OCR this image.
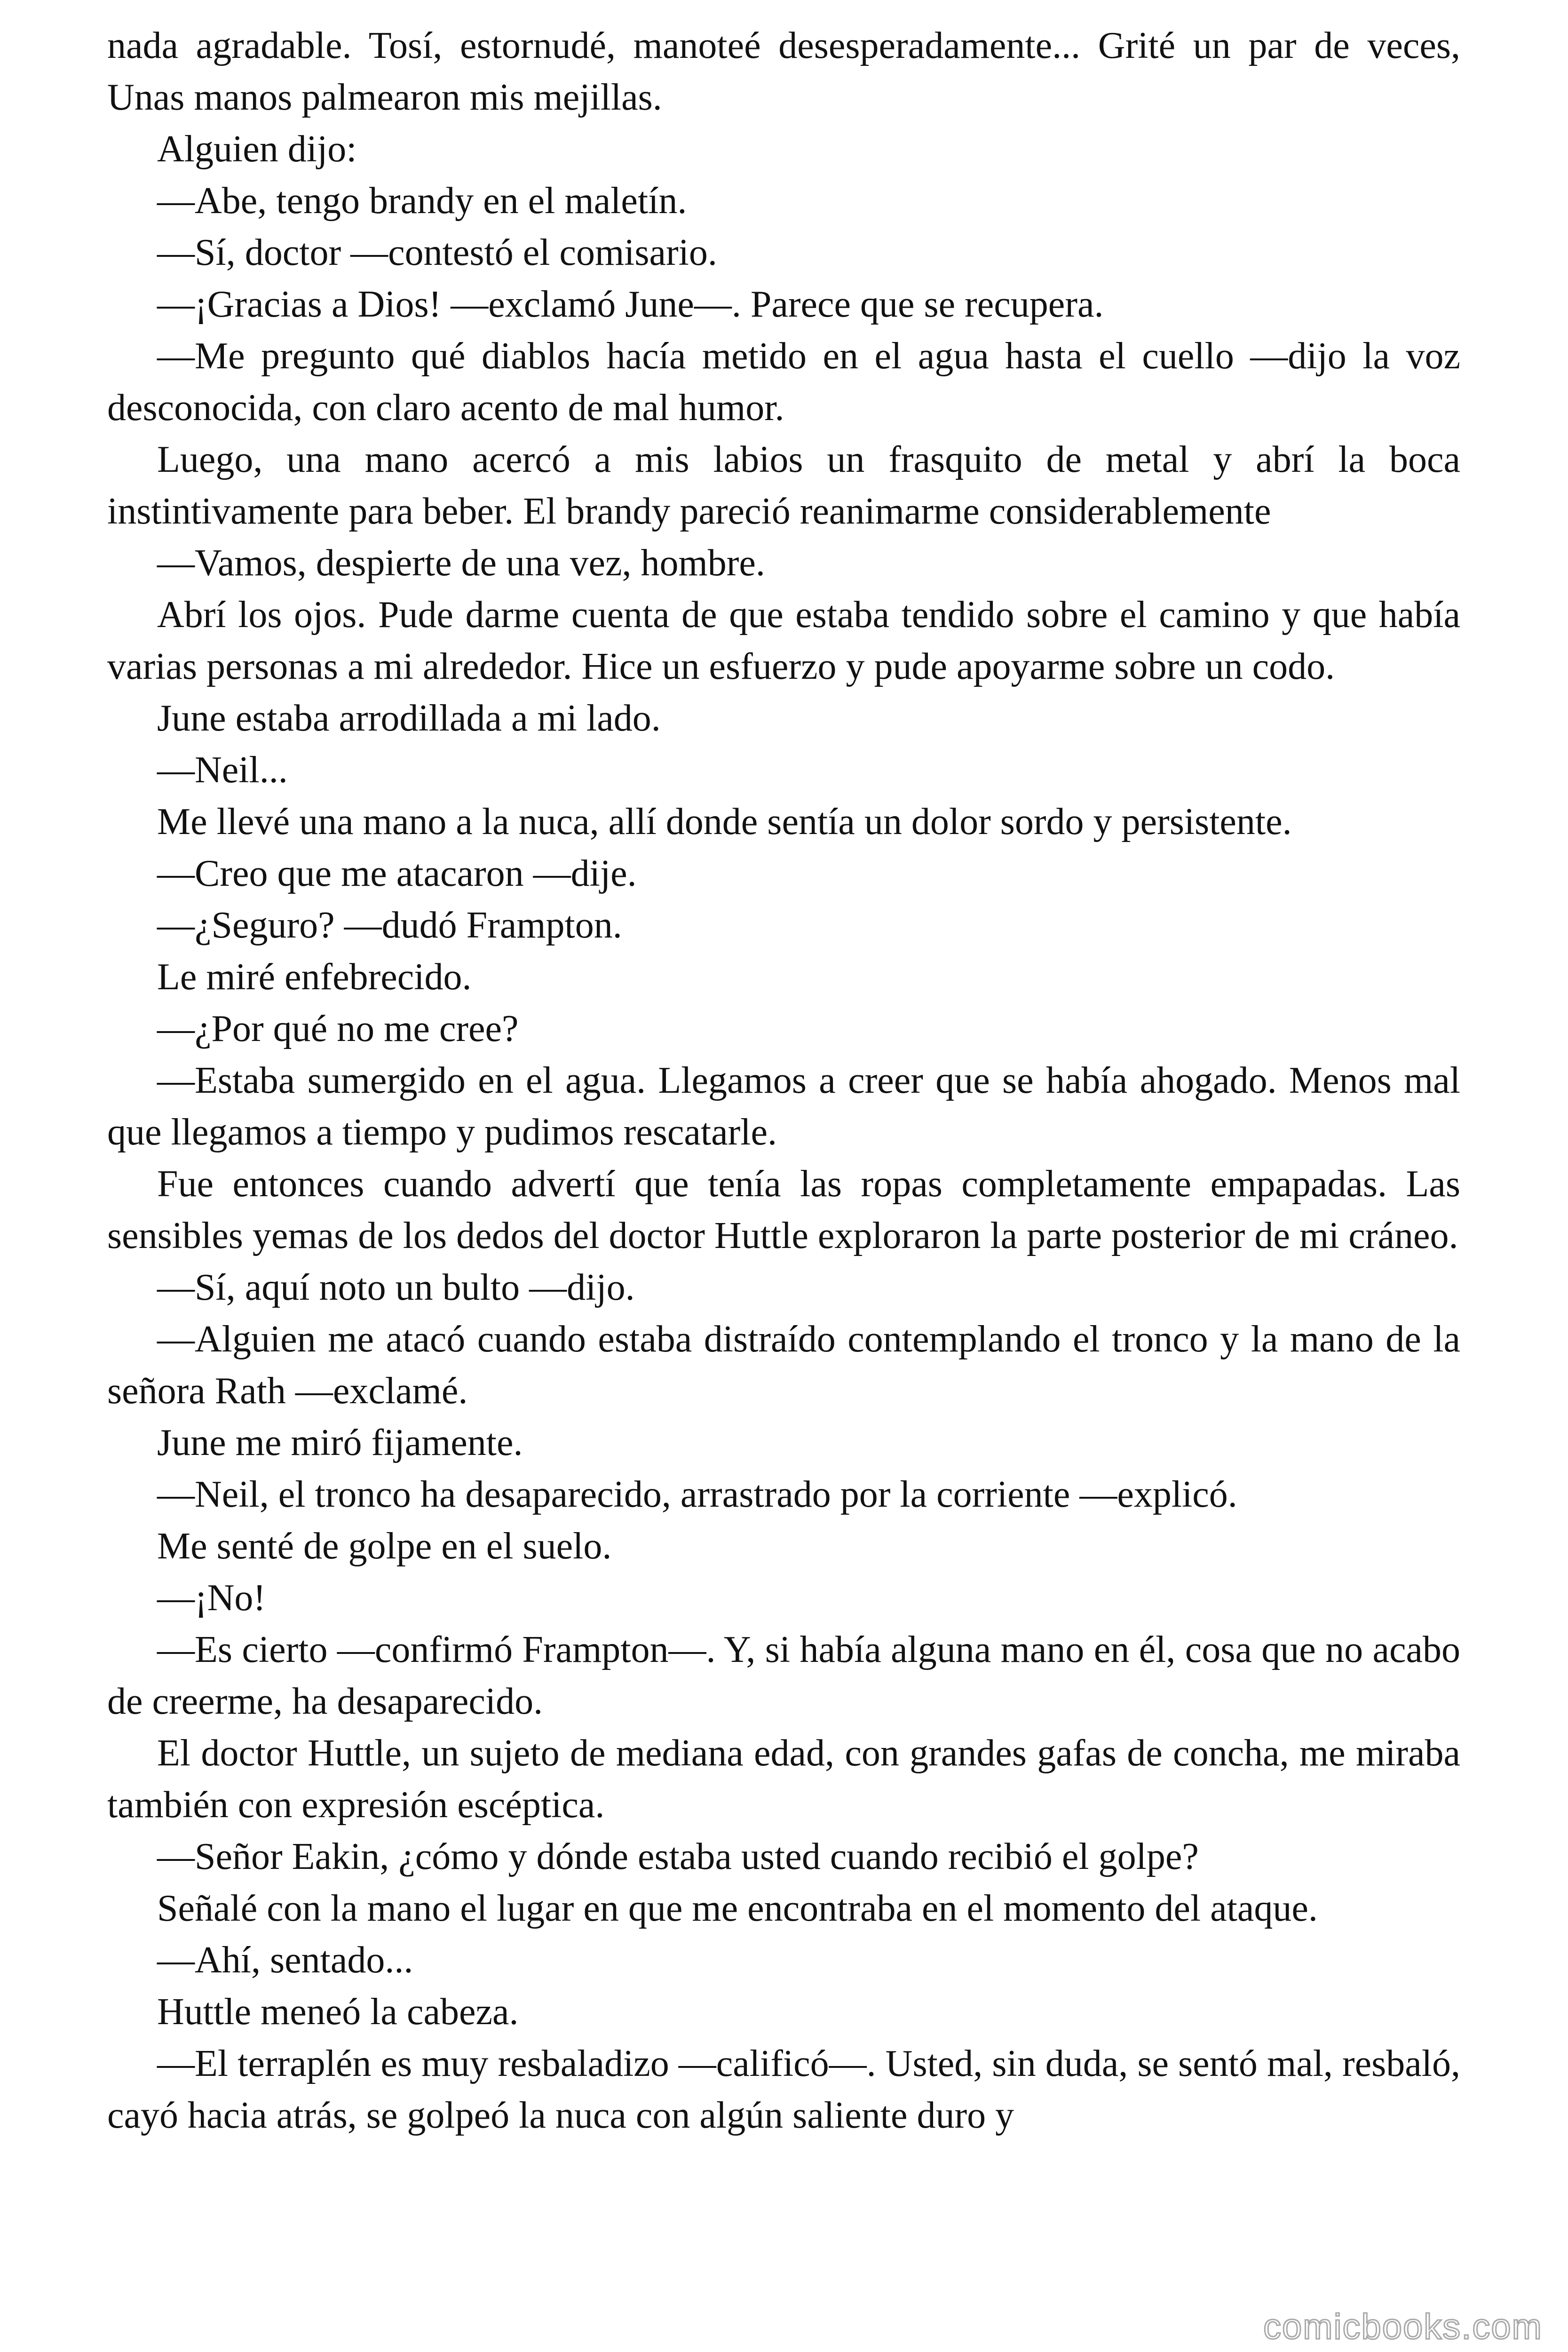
nada agradable. Tosí, estornudé, manoteé desesperadamente... Grité un par de veces, Unas manos palmearon mis mejillas.

Alguien dijo:

—Abe, tengo brandy en el maletín.

—Sí, doctor —contestó el comisario.

—¡Gracias a Dios! —exclamó June—. Parece que se recupera.

—Me pregunto qué diablos hacía metido en el agua hasta el cuello —dijo la voz desconocida, con claro acento de mal humor.

Luego, una mano acercó a mis labios un frasquito de metal y abrí la boca instintivamente para beber. El brandy pareció reanimarme considerablemente

—Vamos, despierte de una vez, hombre.

Abrí los ojos. Pude darme cuenta de que estaba tendido sobre el camino y que había varias personas a mi alrededor. Hice un esfuerzo y pude apoyarme sobre un codo.

June estaba arrodillada a mi lado.

—Neil...

Me llevé una mano a la nuca, allí donde sentía un dolor sordo y persistente.

—Creo que me atacaron —dije.

—¿Seguro? —dudó Frampton.

Le miré enfebrecido.

—¿Por qué no me cree?

—Estaba sumergido en el agua. Llegamos a creer que se había ahogado. Menos mal que llegamos a tiempo y pudimos rescatarle.

Fue entonces cuando advertí que tenía las ropas completamente empapadas. Las sensibles yemas de los dedos del doctor Huttle exploraron la parte posterior de mi cráneo.

—Sí, aquí noto un bulto —dijo.

—Alguien me atacó cuando estaba distraído contemplando el tronco y la mano de la señora Rath —exclamé.

June me miró fijamente.

—Neil, el tronco ha desaparecido, arrastrado por la corriente —explicó.

Me senté de golpe en el suelo.

—¡No!

—Es cierto —confirmó Frampton—. Y, si había alguna mano en él, cosa que no acabo de creerme, ha desaparecido.

El doctor Huttle, un sujeto de mediana edad, con grandes gafas de concha, me miraba también con expresión escéptica.

—Señor Eakin, ¿cómo y dónde estaba usted cuando recibió el golpe?

Señalé con la mano el lugar en que me encontraba en el momento del ataque.

—Ahí, sentado...

Huttle meneó la cabeza.

—El terraplén es muy resbaladizo —calificó—. Usted, sin duda, se sentó mal, resbaló, cayó hacia atrás, se golpeó la nuca con algún saliente duro y

comicbooks.com
